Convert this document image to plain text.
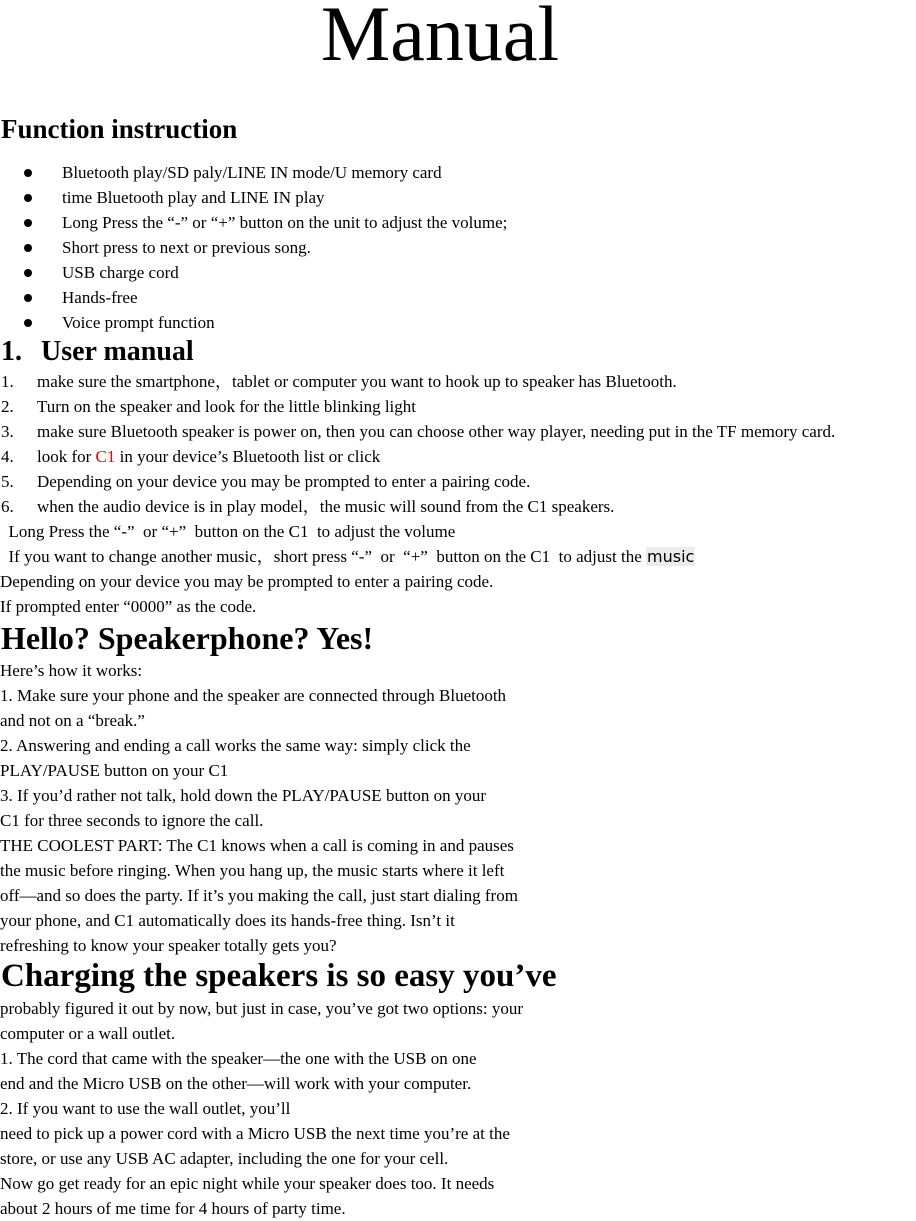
Manual
Function instruction
Bluetooth play/SD paly/LINE IN mode/U memory card
time Bluetooth play and LINE IN play
Long Press the “-” or “+” button on the unit to adjust the volume;
Short press to next or previous song.
USB charge cord
Hands-free
Voice prompt function
1. User manual
1. make sure the smartphone，tablet or computer you want to hook up to speaker has Bluetooth.
2. Turn on the speaker and look for the little blinking light
3. make sure Bluetooth speaker is power on, then you can choose other way player, needing put in the TF memory card.
4. look for C1 in your device’s Bluetooth list or click
5. Depending on your device you may be prompted to enter a pairing code.
6. when the audio device is in play model，the music will sound from the C1 speakers.
Long Press the “-”  or “+”  button on the C1  to adjust the volume
If you want to change another music，short press “-”  or  “+”  button on the C1  to adjust the music
Depending on your device you may be prompted to enter a pairing code.
If prompted enter “0000” as the code.
Hello? Speakerphone? Yes!
Here’s how it works:
1. Make sure your phone and the speaker are connected through Bluetooth
and not on a “break.”
2. Answering and ending a call works the same way: simply click the
PLAY/PAUSE button on your C1
3. If you’d rather not talk, hold down the PLAY/PAUSE button on your
C1 for three seconds to ignore the call.
THE COOLEST PART: The C1 knows when a call is coming in and pauses
the music before ringing. When you hang up, the music starts where it left
off—and so does the party. If it’s you making the call, just start dialing from
your phone, and C1 automatically does its hands-free thing. Isn’t it
refreshing to know your speaker totally gets you?
Charging the speakers is so easy you’ve
probably figured it out by now, but just in case, you’ve got two options: your
computer or a wall outlet.
1. The cord that came with the speaker—the one with the USB on one
end and the Micro USB on the other—will work with your computer.
2. If you want to use the wall outlet, you’ll
need to pick up a power cord with a Micro USB the next time you’re at the
store, or use any USB AC adapter, including the one for your cell.
Now go get ready for an epic night while your speaker does too. It needs
about 2 hours of me time for 4 hours of party time.
